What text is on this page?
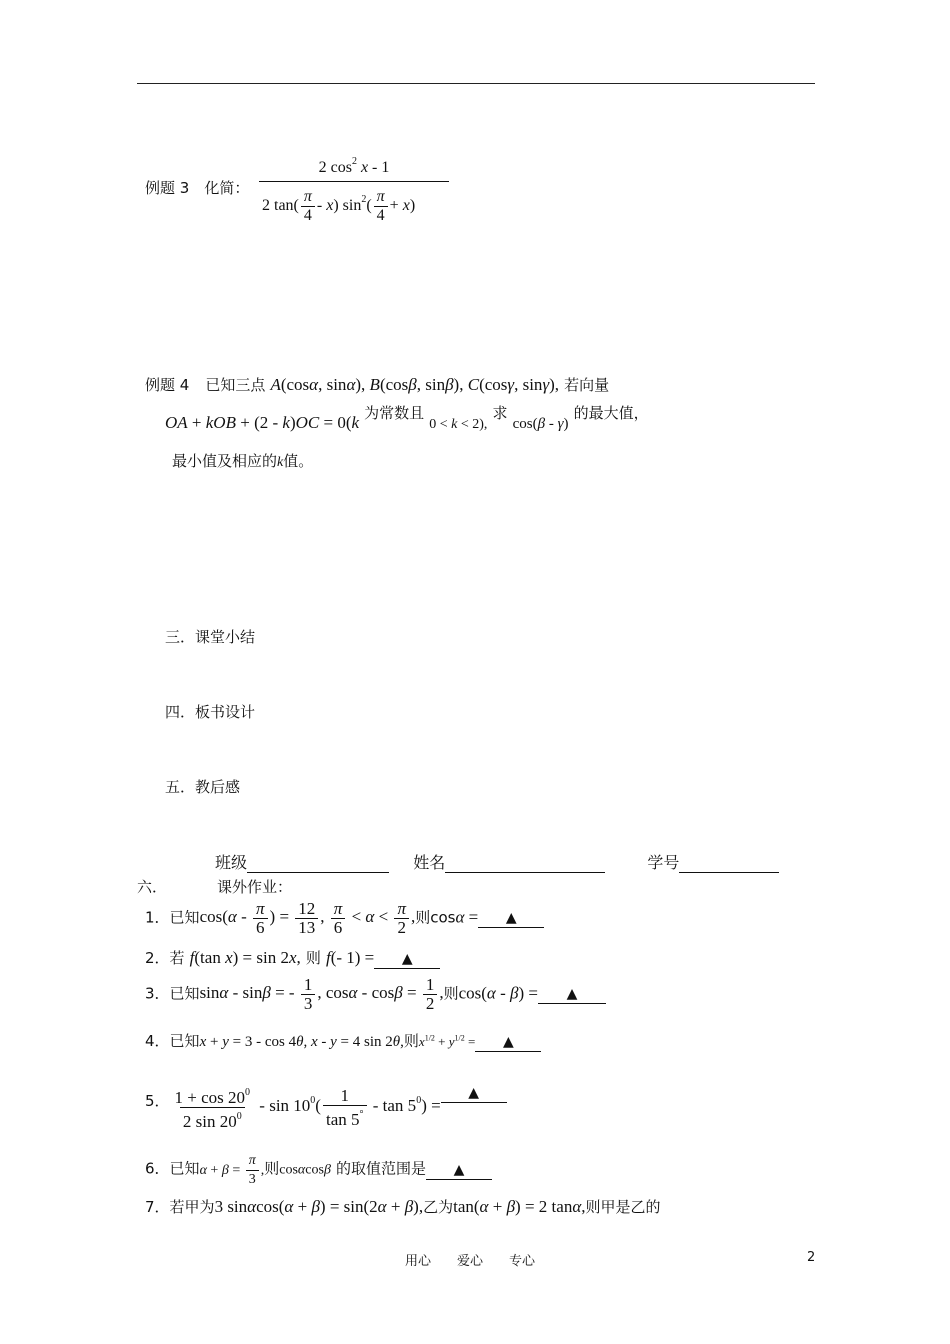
例题 3　 化简： $\frac{2 \cos^2 x - 1}{2 \tan( \frac{\pi}{4} - x) \sin^2( \frac{\pi}{4} + x)}$
例题 4　 已知三点 A(cosα, sinα), B(cosβ, sinβ), C(cosγ, sinγ), 若向量
OA + kOB + (2 - k)OC = 0(k 为常数且 0 < k < 2), 求 cos(β - γ) 的最大值，
最小值及相应的k值。
三．课堂小结
四．板书设计
五．教后感
班级	姓名	学号
六．	课外作业：
1．已知$\cos(\alpha - \frac{\pi}{6}$ ) = $\frac{12}{13}$ , $\frac{\pi}{6} < \alpha < \frac{\pi}{2}$ ,则cosα = ▲
2．若 f(tan x) = sin 2x, 则 f(- 1) = ▲
3．已知sinα - sinβ = - $\frac{1}{3}$ , $\cos\alpha - \cos\beta = \frac{1}{2}$ ,则cos(α - β) = ▲
4．已知x + y = 3 - cos 4θ, x - y = 4 sin 2θ,则$x^{1/2} + y^{1/2}$ = ▲
5． $\frac{1 + \cos 20^0}{2 \sin 20^0}$ - $\sin 10^0( \frac{1}{\tan 5^\circ}$ - $\tan 5^0$) =▲
6．已知$\alpha + \beta = \frac{\pi}{3}$ ,则cosαcosβ 的取值范围是 ▲
7．若甲为3 sinαcos(α + β) = sin(2α + β),乙为tan(α + β) = 2 tanα,则甲是乙的
用心　　爱心　　专心	2
